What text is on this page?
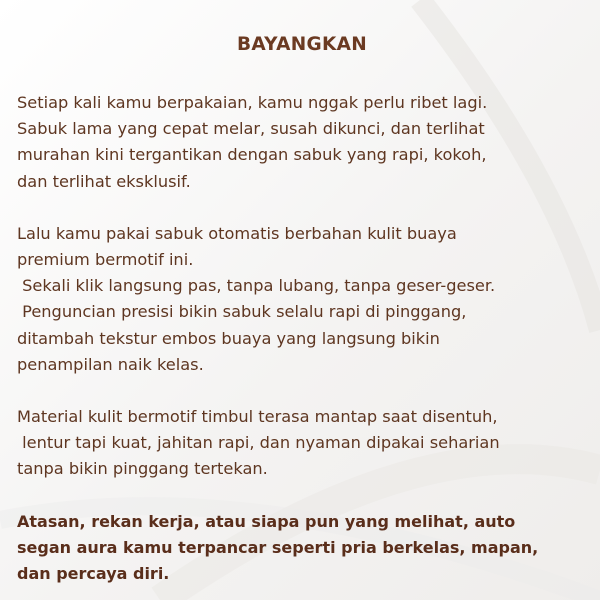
BAYANGKAN

Setiap kali kamu berpakaian, kamu nggak perlu ribet lagi.

Sabuk lama yang cepat melar, susah dikunci, dan terlihat

murahan kini tergantikan dengan sabuk yang rapi, kokoh,

dan terlihat eksklusif.

Lalu kamu pakai sabuk otomatis berbahan kulit buaya

premium bermotif ini.

Sekali klik langsung pas, tanpa lubang, tanpa geser-geser.

Penguncian presisi bikin sabuk selalu rapi di pinggang,

ditambah tekstur embos buaya yang langsung bikin

penampilan naik kelas.

Material kulit bermotif timbul terasa mantap saat disentuh,

lentur tapi kuat, jahitan rapi, dan nyaman dipakai seharian

tanpa bikin pinggang tertekan.

Atasan, rekan kerja, atau siapa pun yang melihat, auto

segan aura kamu terpancar seperti pria berkelas, mapan,

dan percaya diri.
